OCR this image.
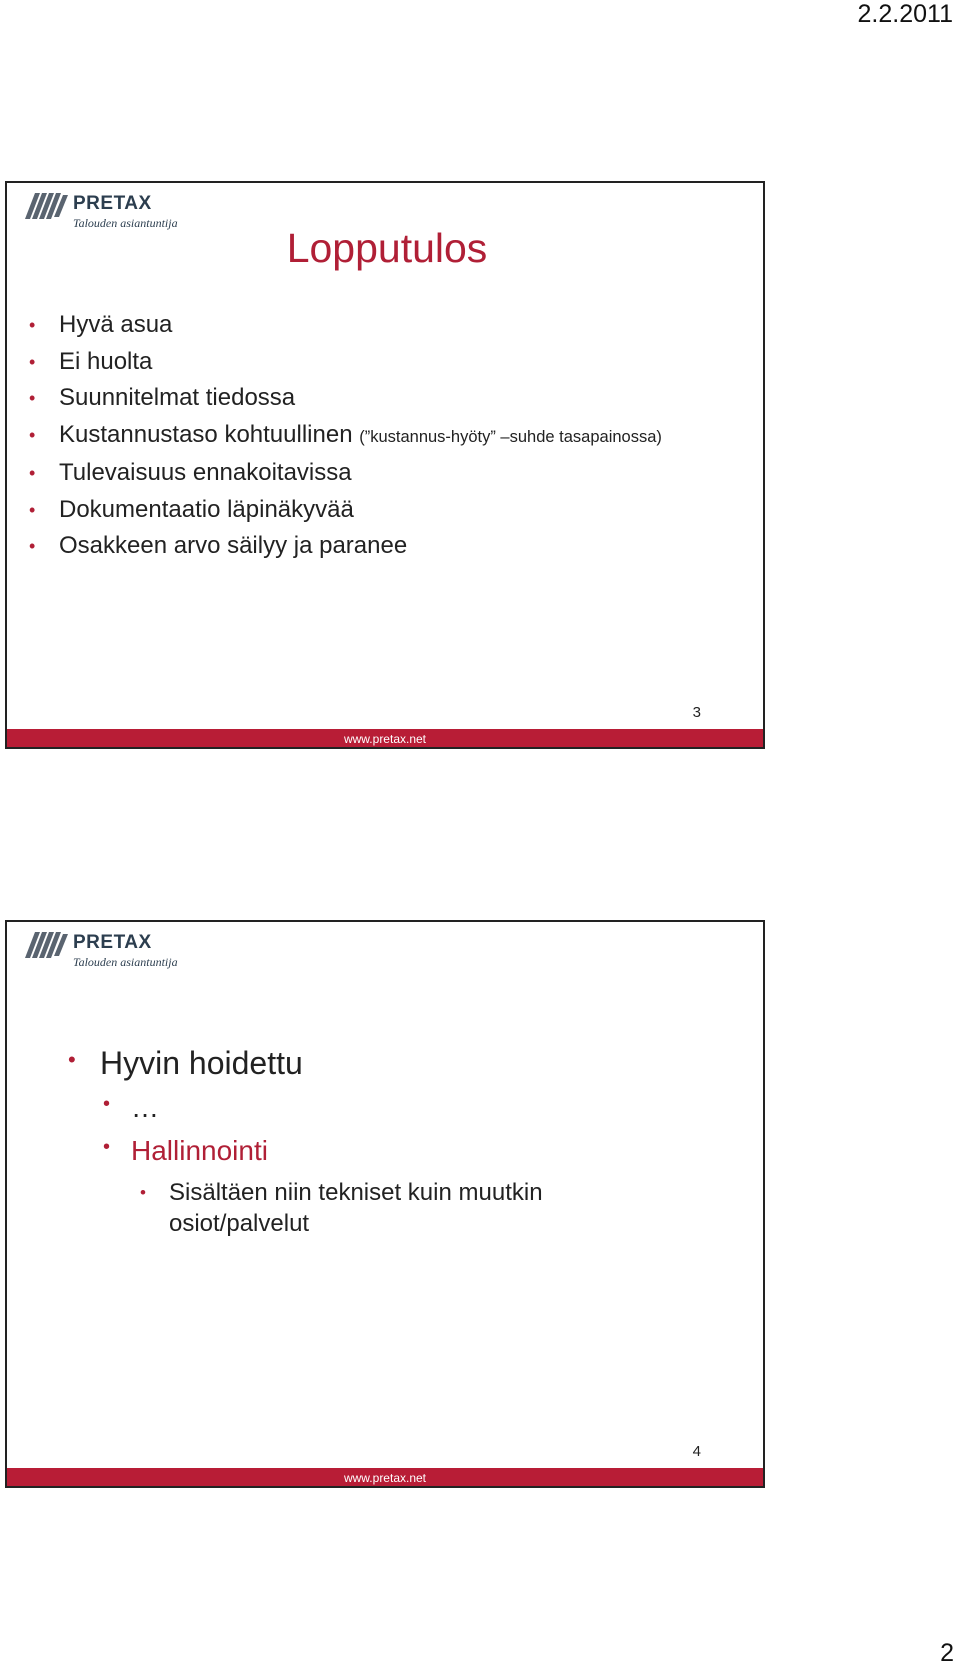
2.2.2011
PRETAX
Talouden asiantuntija
Lopputulos
• Hyvä asua
• Ei huolta
• Suunnitelmat tiedossa
• Kustannustaso kohtuullinen (”kustannus-hyöty” –suhde tasapainossa)
• Tulevaisuus ennakoitavissa
• Dokumentaatio läpinäkyvää
• Osakkeen arvo säilyy ja paranee
3
www.pretax.net
PRETAX
Talouden asiantuntija
• Hyvin hoidettu
• …
• Hallinnointi
• Sisältäen niin tekniset kuin muutkin osiot/palvelut
4
www.pretax.net
2
